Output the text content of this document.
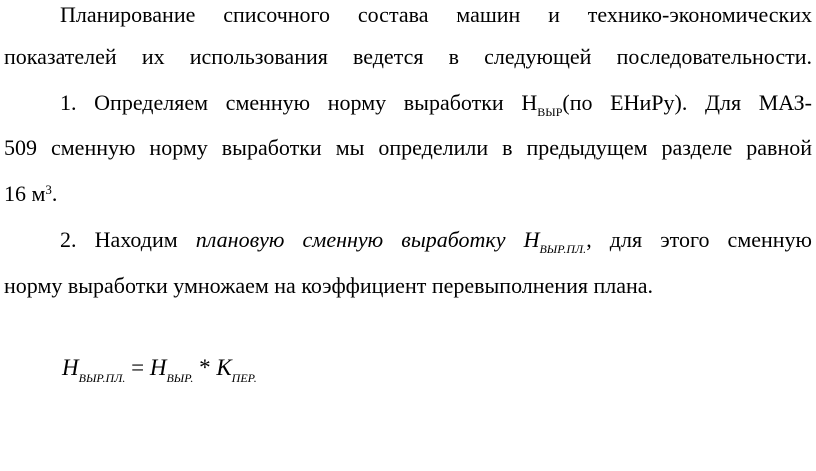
Планирование списочного состава машин и технико-экономических
показателей их использования ведется в следующей последовательности.
1. Определяем сменную норму выработки $Н_{ВЫР}(по$ ЕНиРу). Для МАЗ-
509 сменную норму выработки мы определили в предыдущем разделе равной
16 $м^3$.
2. Находим плановую сменную выработку $Н_{ВЫР.ПЛ.}$, для этого сменную
норму выработки умножаем на коэффициент перевыполнения плана.
$Н_{ВЫР.ПЛ.} = Н_{ВЫР.} * К_{ПЕР.}$
